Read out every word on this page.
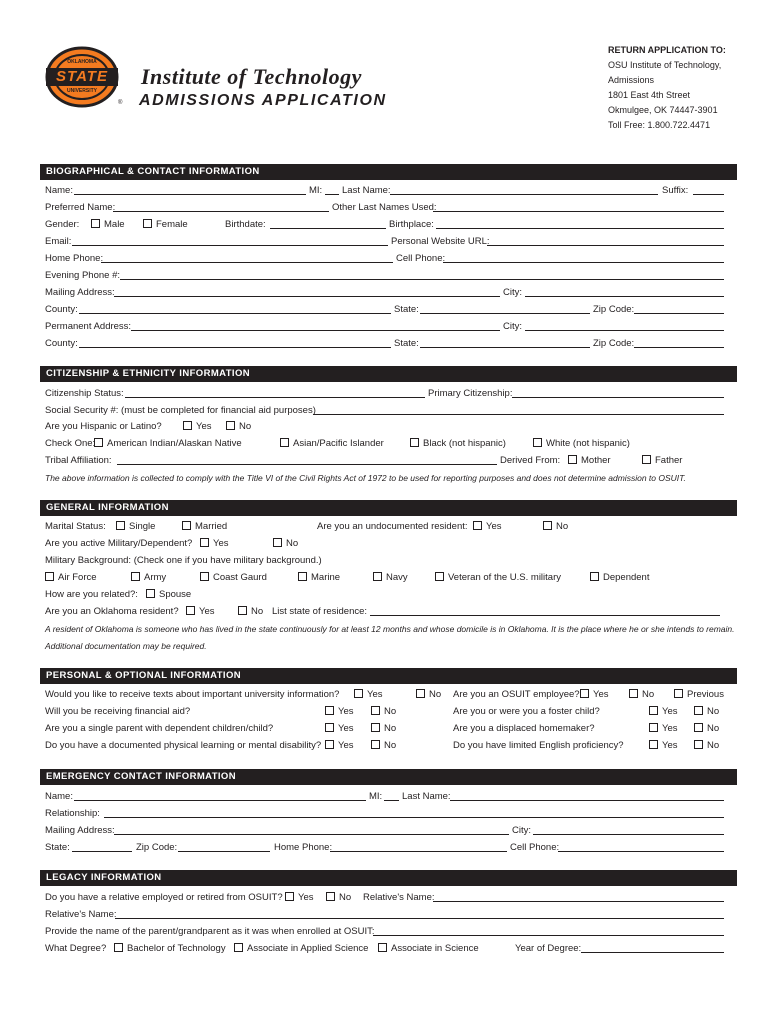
OKLAHOMA
STATE
UNIVERSITY
®
Institute of Technology
ADMISSIONS APPLICATION
RETURN APPLICATION TO:
OSU Institute of Technology,
Admissions
1801 East 4th Street
Okmulgee, OK 74447-3901
Toll Free: 1.800.722.4471
BIOGRAPHICAL & CONTACT INFORMATION
Name:	MI: Last Name:	Suffix:
Preferred Name:	Other Last Names Used:
Gender:	Male	Female	Birthdate:	Birthplace:
Email:	Personal Website URL:
Home Phone:	Cell Phone:
Evening Phone #:
Mailing Address:	City:
County:	State:	Zip Code:
Permanent Address:	City:
County:	State:	Zip Code:
CITIZENSHIP & ETHNICITY INFORMATION
Citizenship Status:	Primary Citizenship:
Social Security #: (must be completed for financial aid purposes)
Are you Hispanic or Latino?	Yes	No
Check One:	American Indian/Alaskan Native	Asian/Pacific Islander	Black (not hispanic)	White (not hispanic)
Tribal Affiliation:	Derived From:	Mother	Father
The above information is collected to comply with the Title VI of the Civil Rights Act of 1972 to be used for reporting purposes and does not determine admission to OSUIT.
GENERAL INFORMATION
Marital Status:	Single	Married	Are you an undocumented resident:	Yes	No
Are you active Military/Dependent?	Yes	No
Military Background: (Check one if you have military background.)
Air Force	Army	Coast Gaurd	Marine	Navy	Veteran of the U.S. military	Dependent
How are you related?:	Spouse
Are you an Oklahoma resident?	Yes	No List state of residence:
A resident of Oklahoma is someone who has lived in the state continuously for at least 12 months and whose domicile is in Oklahoma. It is the place where he or she intends to remain.
Additional documentation may be required.
PERSONAL & OPTIONAL INFORMATION
Would you like to receive texts about important university information?	Yes	No Are you an OSUIT employee?	Yes	No	Previous
Will you be receiving financial aid?	Yes	No	Are you or were you a foster child?	Yes	No
Are you a single parent with dependent children/child?	Yes	No	Are you a displaced homemaker?	Yes	No
Do you have a documented physical learning or mental disability?	Yes	No	Do you have limited English proficiency?	Yes	No
EMERGENCY CONTACT INFORMATION
Name:	MI: Last Name:
Relationship:
Mailing Address:	City:
State:	Zip Code:	Home Phone:	Cell Phone:
LEGACY INFORMATION
Do you have a relative employed or retired from OSUIT?	Yes	No Relative's Name:
Relative's Name:
Provide the name of the parent/grandparent as it was when enrolled at OSUIT:
What Degree?	Bachelor of Technology	Associate in Applied Science	Associate in Science	Year of Degree:
